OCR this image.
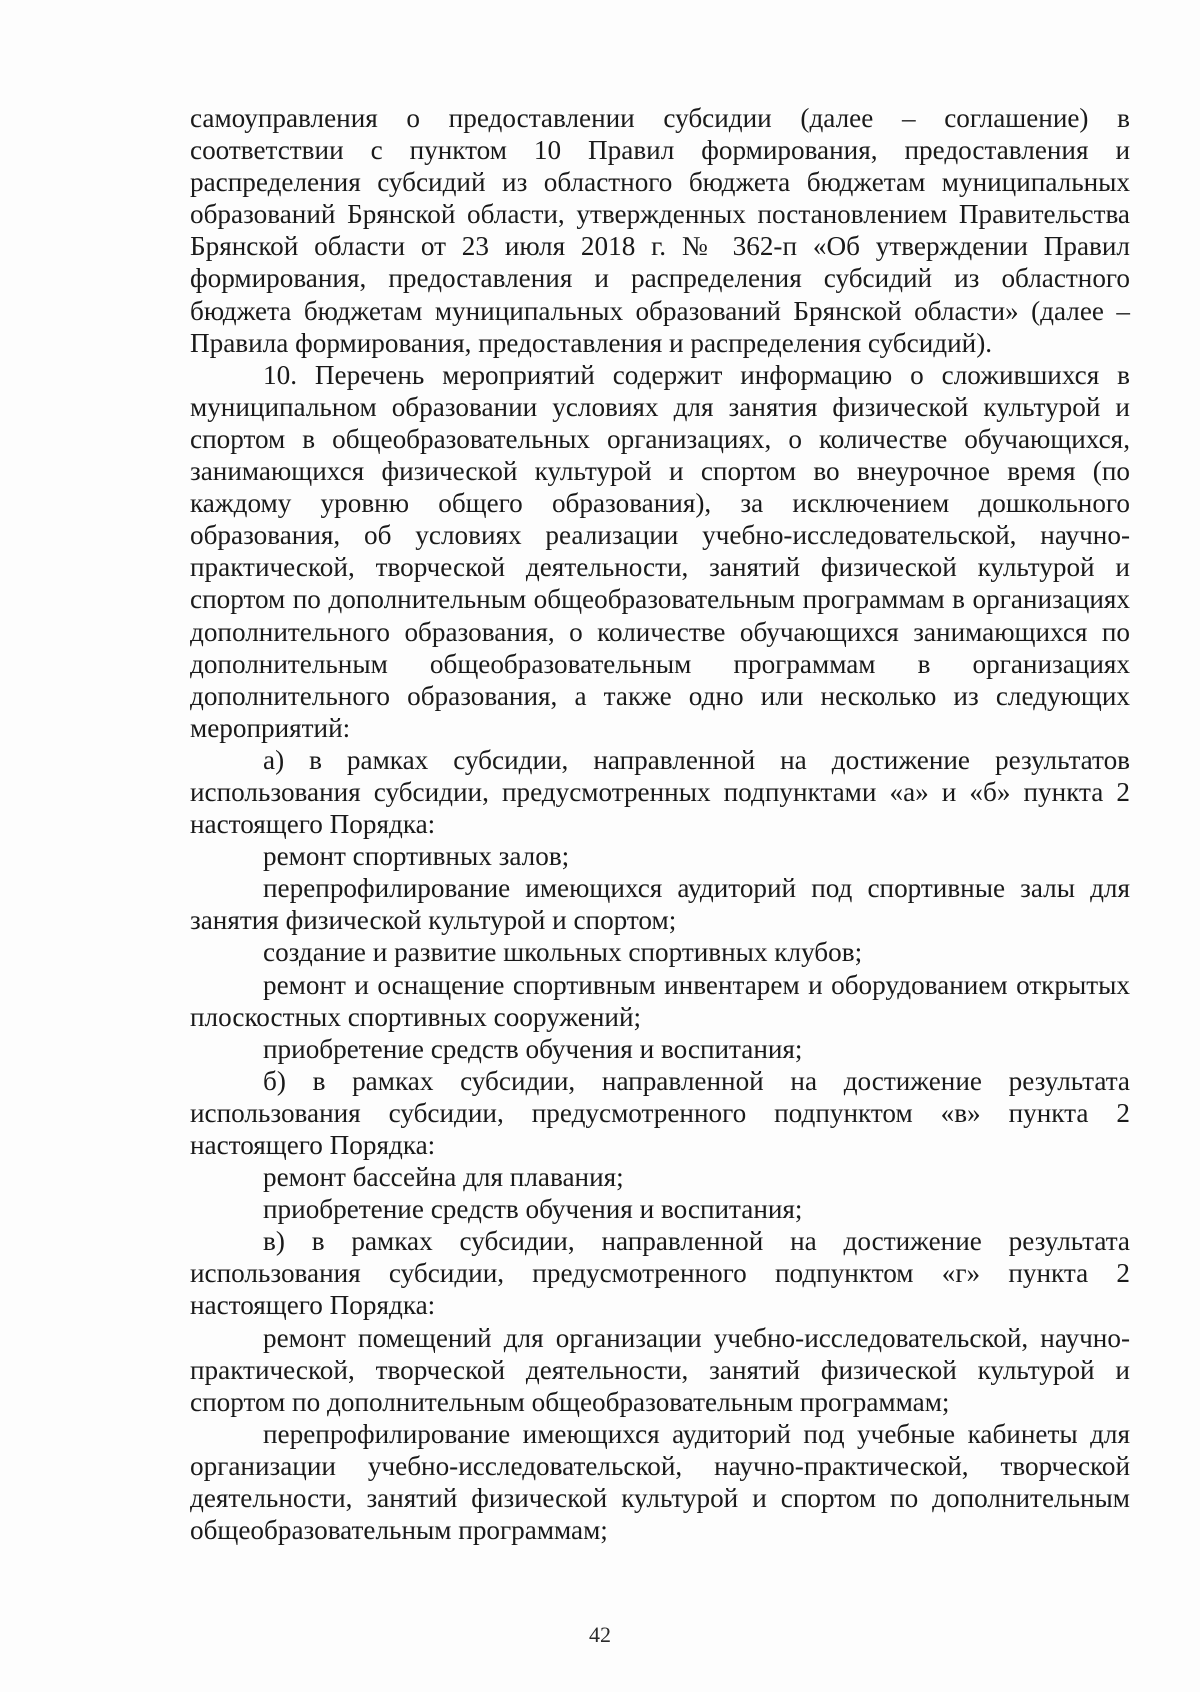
самоуправления о предоставлении субсидии (далее – соглашение) в соответствии с пунктом 10 Правил формирования, предоставления и распределения субсидий из областного бюджета бюджетам муниципальных образований Брянской области, утвержденных постановлением Правительства Брянской области от 23 июля 2018 г. № 362-п «Об утверждении Правил формирования, предоставления и распределения субсидий из областного бюджета бюджетам муниципальных образований Брянской области» (далее – Правила формирования, предоставления и распределения субсидий).

10. Перечень мероприятий содержит информацию о сложившихся в муниципальном образовании условиях для занятия физической культурой и спортом в общеобразовательных организациях, о количестве обучающихся, занимающихся физической культурой и спортом во внеурочное время (по каждому уровню общего образования), за исключением дошкольного образования, об условиях реализации учебно-исследовательской, научно-практической, творческой деятельности, занятий физической культурой и спортом по дополнительным общеобразовательным программам в организациях дополнительного образования, о количестве обучающихся занимающихся по дополнительным общеобразовательным программам в организациях дополнительного образования, а также одно или несколько из следующих мероприятий:

а) в рамках субсидии, направленной на достижение результатов использования субсидии, предусмотренных подпунктами «а» и «б» пункта 2 настоящего Порядка:

ремонт спортивных залов;

перепрофилирование имеющихся аудиторий под спортивные залы для занятия физической культурой и спортом;

создание и развитие школьных спортивных клубов;

ремонт и оснащение спортивным инвентарем и оборудованием открытых плоскостных спортивных сооружений;

приобретение средств обучения и воспитания;

б) в рамках субсидии, направленной на достижение результата использования субсидии, предусмотренного подпунктом «в» пункта 2 настоящего Порядка:

ремонт бассейна для плавания;

приобретение средств обучения и воспитания;

в) в рамках субсидии, направленной на достижение результата использования субсидии, предусмотренного подпунктом «г» пункта 2 настоящего Порядка:

ремонт помещений для организации учебно-исследовательской, научно-практической, творческой деятельности, занятий физической культурой и спортом по дополнительным общеобразовательным программам;

перепрофилирование имеющихся аудиторий под учебные кабинеты для организации учебно-исследовательской, научно-практической, творческой деятельности, занятий физической культурой и спортом по дополнительным общеобразовательным программам;

42
